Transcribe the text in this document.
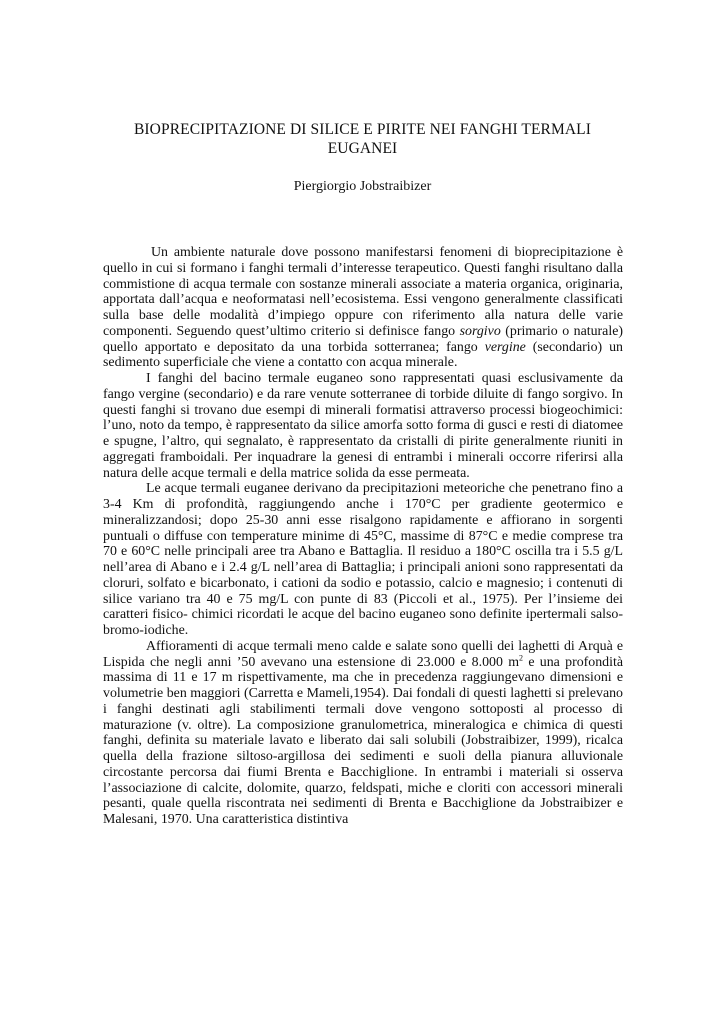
BIOPRECIPITAZIONE DI SILICE E PIRITE NEI FANGHI TERMALI EUGANEI

Piergiorgio Jobstraibizer

Un ambiente naturale dove possono manifestarsi fenomeni di bioprecipitazione è quello in cui si formano i fanghi termali d’interesse terapeutico. Questi fanghi risultano dalla commistione di acqua termale con sostanze minerali associate a materia organica, originaria, apportata dall’acqua e neoformatasi nell’ecosistema. Essi vengono generalmente classificati sulla base delle modalità d’impiego oppure con riferimento alla natura delle varie componenti. Seguendo quest’ultimo criterio si definisce fango sorgivo (primario o naturale) quello apportato e depositato da una torbida sotterranea; fango vergine (secondario) un sedimento superficiale che viene a contatto con acqua minerale.

I fanghi del bacino termale euganeo sono rappresentati quasi esclusivamente da fango vergine (secondario) e da rare venute sotterranee di torbide diluite di fango sorgivo. In questi fanghi si trovano due esempi di minerali formatisi attraverso processi biogeochimici: l’uno, noto da tempo, è rappresentato da silice amorfa sotto forma di gusci e resti di diatomee e spugne, l’altro, qui segnalato, è rappresentato da cristalli di pirite generalmente riuniti in aggregati framboidali. Per inquadrare la genesi di entrambi i minerali occorre riferirsi alla natura delle acque termali e della matrice solida da esse permeata.

Le acque termali euganee derivano da precipitazioni meteoriche che penetrano fino a 3-4 Km di profondità, raggiungendo anche i 170°C per gradiente geotermico e mineralizzandosi; dopo 25-30 anni esse risalgono rapidamente e affiorano in sorgenti puntuali o diffuse con temperature minime di 45°C, massime di 87°C e medie comprese tra 70 e 60°C nelle principali aree tra Abano e Battaglia. Il residuo a 180°C oscilla tra i 5.5 g/L nell’area di Abano e i 2.4 g/L nell’area di Battaglia; i principali anioni sono rappresentati da cloruri, solfato e bicarbonato, i cationi da sodio e potassio, calcio e magnesio; i contenuti di silice variano tra 40 e 75 mg/L con punte di 83 (Piccoli et al., 1975). Per l’insieme dei caratteri fisico- chimici ricordati le acque del bacino euganeo sono definite ipertermali salso-bromo-iodiche.

Affioramenti di acque termali meno calde e salate sono quelli dei laghetti di Arquà e Lispida che negli anni ’50 avevano una estensione di 23.000 e 8.000 $m^2$ e una profondità massima di 11 e 17 m rispettivamente, ma che in precedenza raggiungevano dimensioni e volumetrie ben maggiori (Carretta e Mameli,1954). Dai fondali di questi laghetti si prelevano i fanghi destinati agli stabilimenti termali dove vengono sottoposti al processo di maturazione (v. oltre). La composizione granulometrica, mineralogica e chimica di questi fanghi, definita su materiale lavato e liberato dai sali solubili (Jobstraibizer, 1999), ricalca quella della frazione siltoso-argillosa dei sedimenti e suoli della pianura alluvionale circostante percorsa dai fiumi Brenta e Bacchiglione. In entrambi i materiali si osserva l’associazione di calcite, dolomite, quarzo, feldspati, miche e cloriti con accessori minerali pesanti, quale quella riscontrata nei sedimenti di Brenta e Bacchiglione da Jobstraibizer e Malesani, 1970. Una caratteristica distintiva
